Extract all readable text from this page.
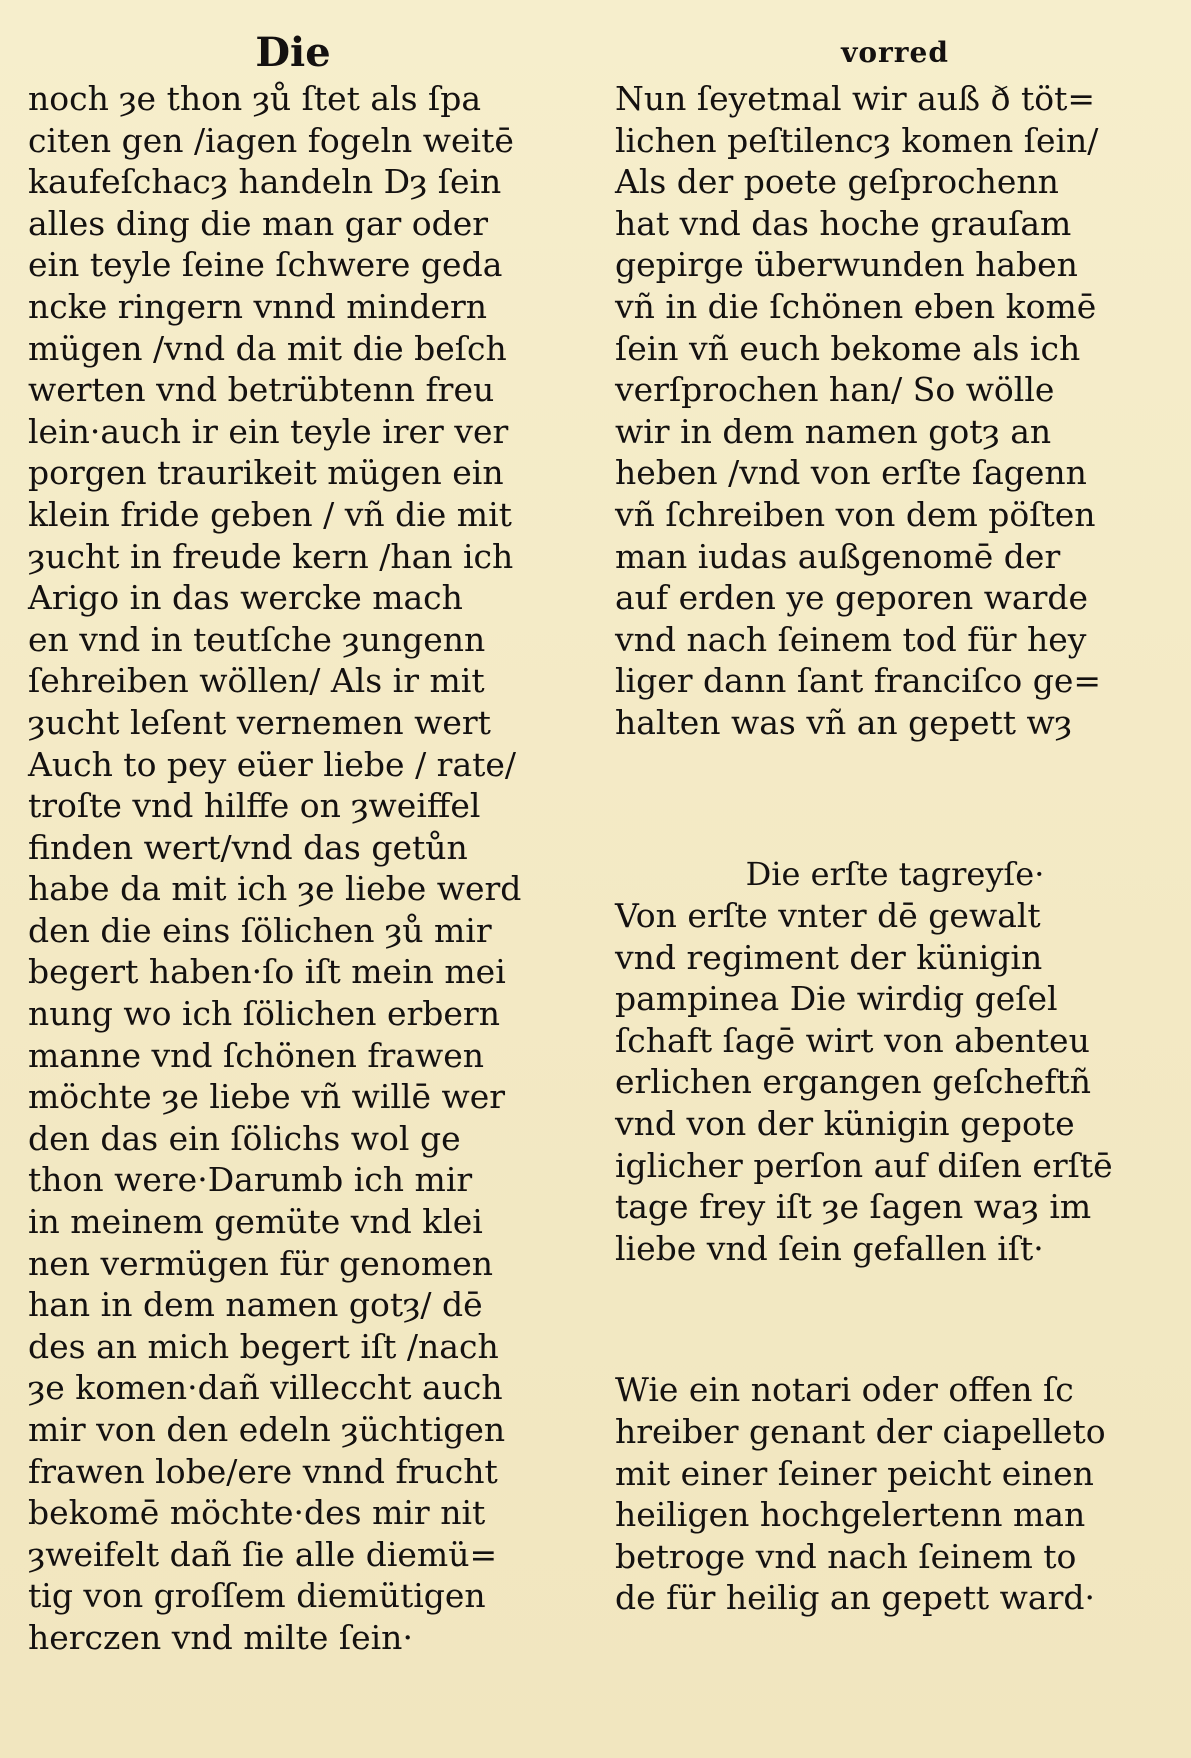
Die
noch ȝe thon ȝů ſtet als ſpa
citen gen /iagen fogeln weitē
kaufeſchacȝ handeln Dȝ ſein
alles ding die man gar oder
ein teyle ſeine ſchwere geda
ncke ringern vnnd mindern
mügen /vnd da mit die beſch
werten vnd betrübtenn freu
lein·auch ir ein teyle irer ver
porgen traurikeit mügen ein
klein fride geben / vñ die mit
ȝucht in freude kern /han ich
Arigo in das wercke mach
en vnd in teutſche ȝungenn
ſehreiben wöllen/ Als ir mit
ȝucht leſent vernemen wert
Auch to pey eüer liebe / rate/
troſte vnd hilffe on ȝweiffel
finden wert/vnd das getůn
habe da mit ich ȝe liebe werd
den die eins ſölichen ȝů mir
begert haben·ſo iſt mein mei
nung wo ich ſölichen erbern
manne vnd ſchönen frawen
möchte ȝe liebe vñ willē wer
den das ein ſölichs wol ge
thon were·Darumb ich mir
in meinem gemüte vnd klei
nen vermügen für genomen
han in dem namen gotȝ/ dē
des an mich begert iſt /nach
ȝe komen·dañ villeccht auch
mir von den edeln ȝüchtigen
frawen lobe/ere vnnd frucht
bekomē möchte·des mir nit
ȝweifelt dañ ſie alle diemü=
tig von groſſem diemütigen
herczen vnd milte ſein·
vorred
Nun ſeyetmal wir auß ð töt=
lichen peſtilencȝ komen ſein/
Als der poete geſprochenn
hat vnd das hoche grauſam
gepirge überwunden haben
vñ in die ſchönen eben komē
ſein vñ euch bekome als ich
verſprochen han/ So wölle
wir in dem namen gotȝ an
heben /vnd von erſte ſagenn
vñ ſchreiben von dem pöſten
man iudas außgenomē der
auf erden ye geporen warde
vnd nach ſeinem tod für hey
liger dann ſant franciſco ge=
halten was vñ an gepett wȝ
Die erſte tagreyſe·
Von erſte vnter dē gewalt
vnd regiment der künigin
pampinea Die wirdig geſel
ſchaft ſagē wirt von abenteu
erlichen ergangen geſcheftñ
vnd von der künigin gepote
iglicher perſon auf diſen erſtē
tage frey iſt ȝe ſagen waȝ im
liebe vnd ſein gefallen iſt·
Wie ein notari oder offen ſc
hreiber genant der ciapelleto
mit einer ſeiner peicht einen
heiligen hochgelertenn man
betroge vnd nach ſeinem to
de für heilig an gepett ward·
